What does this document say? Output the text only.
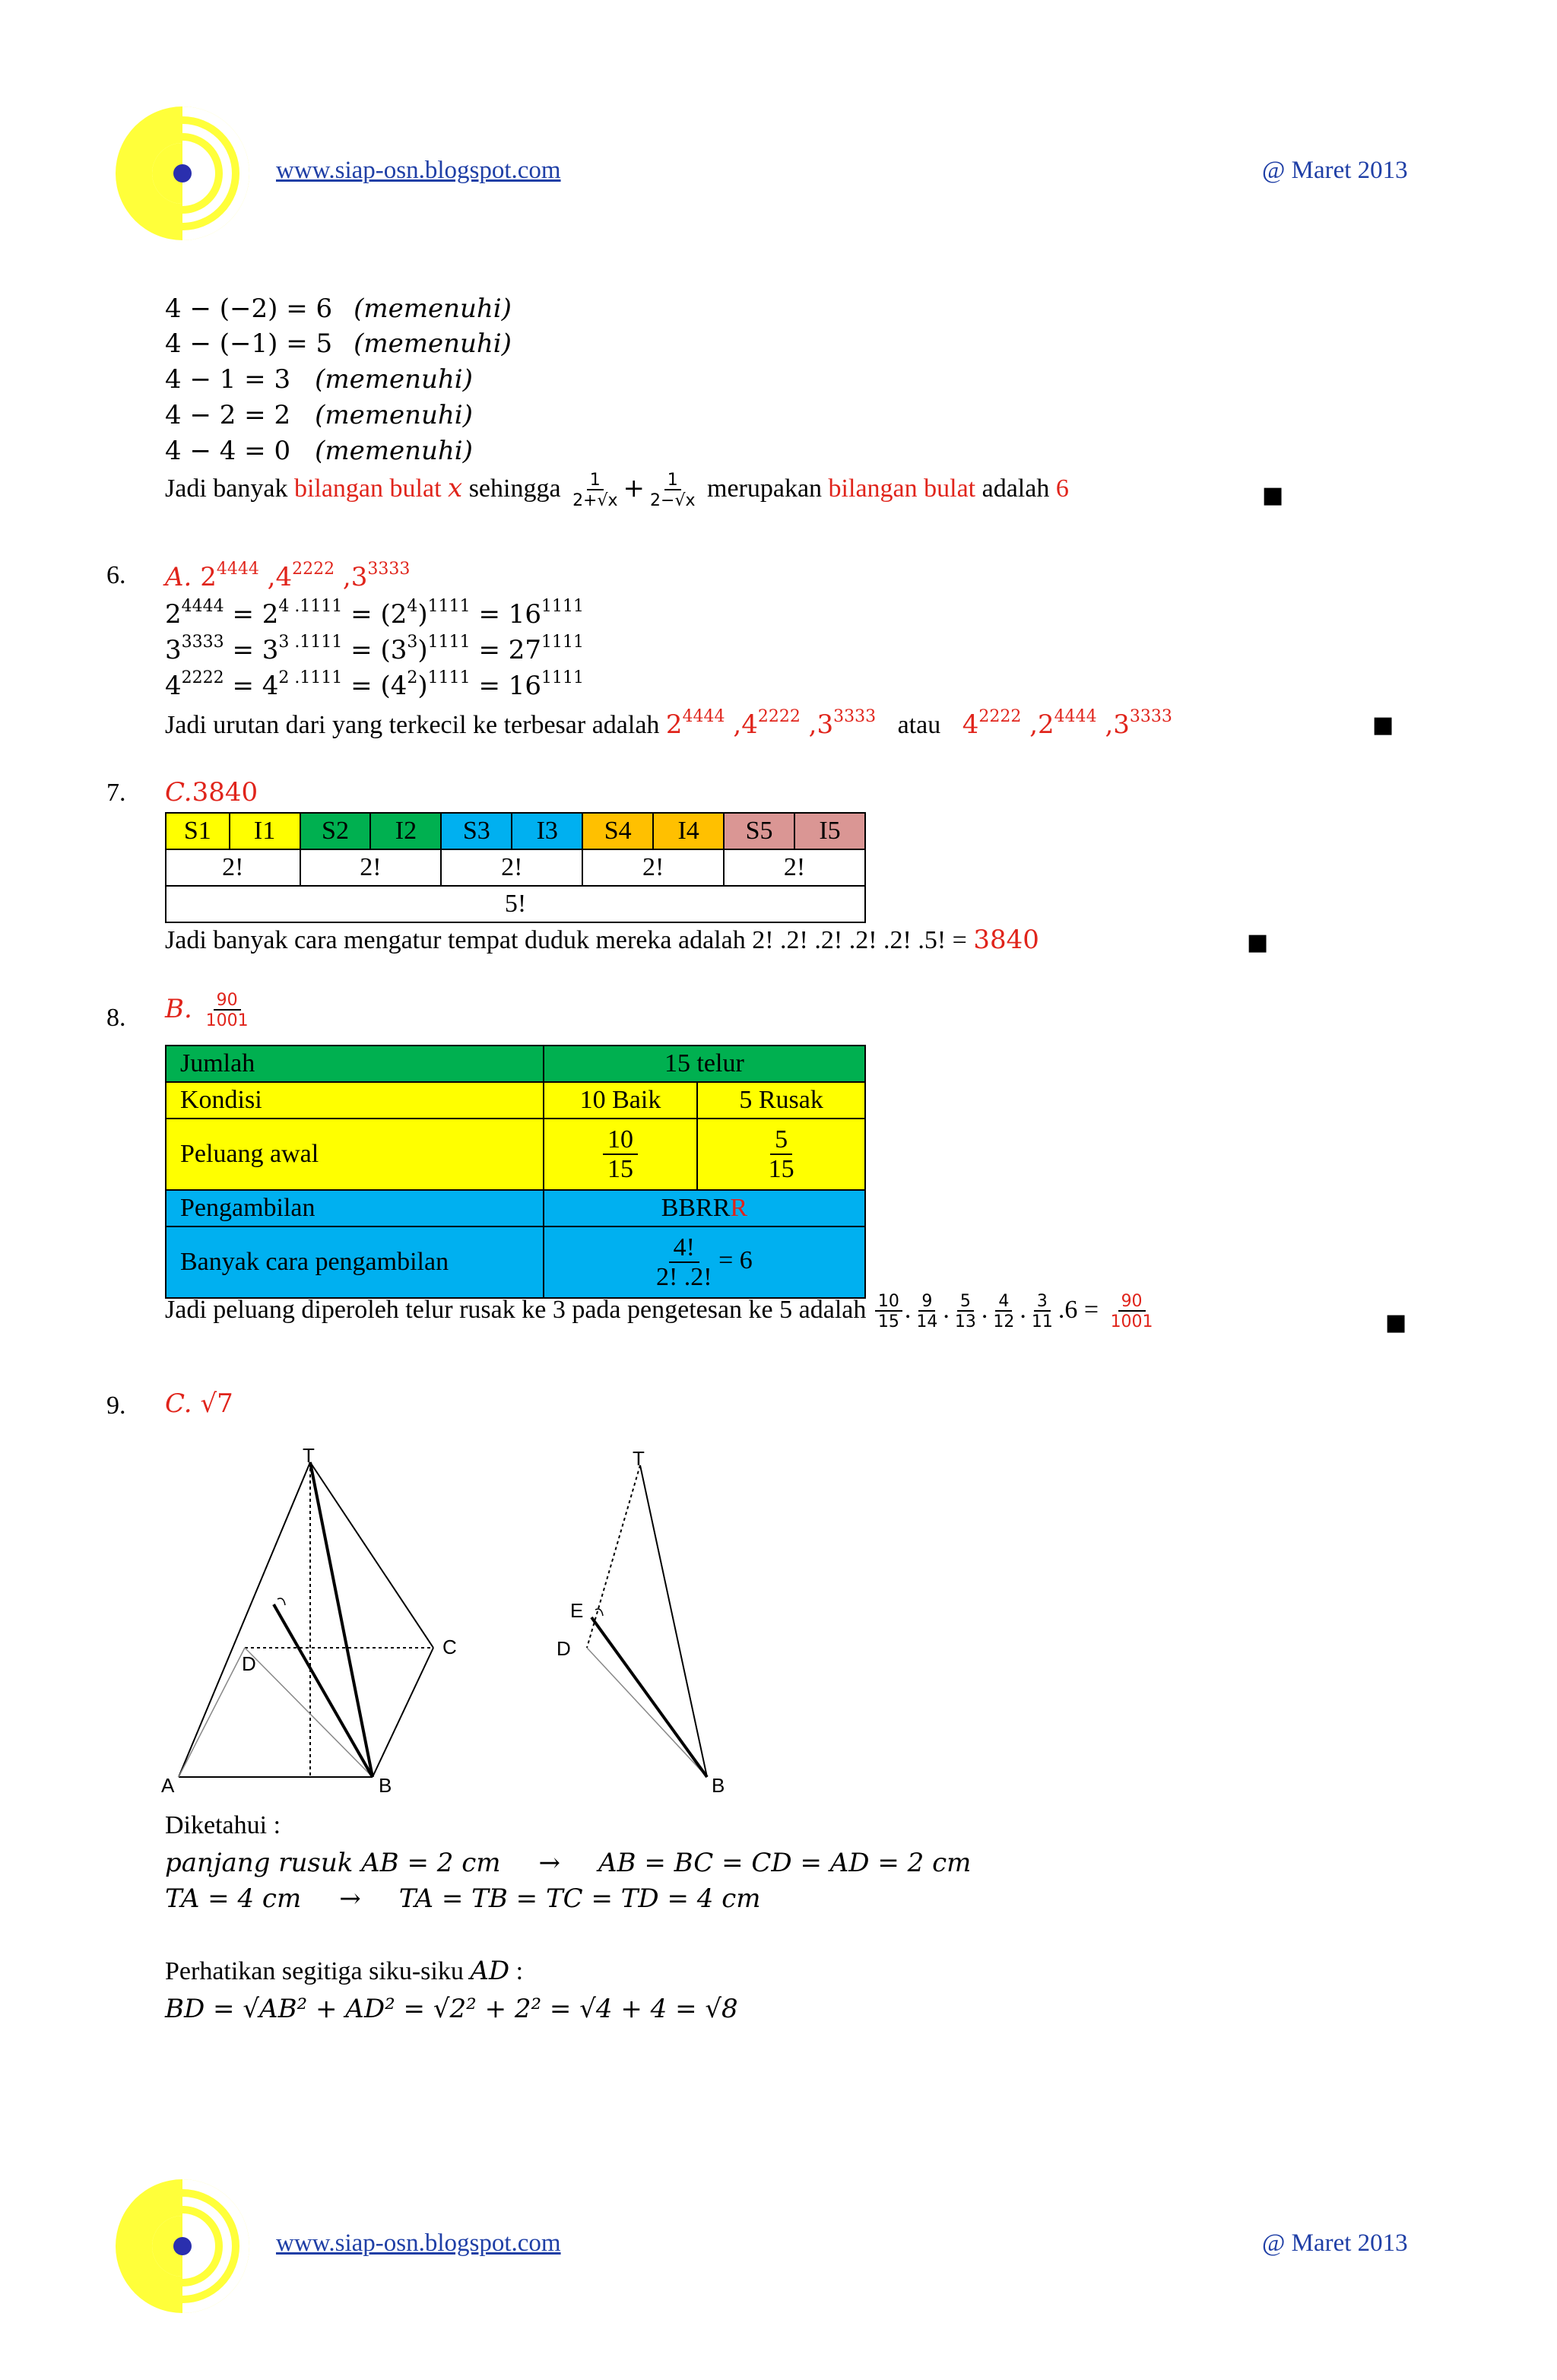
www.siap-osn.blogspot.com	@ Maret 2013
4 − (−2) = 6 (memenuhi)
4 − (−1) = 5 (memenuhi)
4 − 1 = 3 (memenuhi)
4 − 2 = 2 (memenuhi)
4 − 4 = 0 (memenuhi)
Jadi banyak bilangan bulat x sehingga $\frac{1}{2+√x} + \frac{1}{2-√x}$ merupakan bilangan bulat adalah 6	■
6. A. $2^{4444}$ $,4^{2222}$ $,3^{3333}$
$2^{4444} = 2^{4 .1111} = (2^4)^{1111} = 16^{1111}$
$3^{3333} = 3^{3 .1111} = (3^3)^{1111} = 27^{1111}$
$4^{2222} = 4^{2 .1111} = (4^2)^{1111} = 16^{1111}$
Jadi urutan dari yang terkecil ke terbesar adalah $2^{4444}$ $,4^{2222}$ $,3^{3333}$ atau $4^{2222}$ $,2^{4444}$ $,3^{3333}$	■
7. C.3840
S1	I1	S2	I2	S3	I3	S4	I4	S5	I5
2!		2!		2!		2!		2!	
5!									
Jadi banyak cara mengatur tempat duduk mereka adalah 2! .2! .2! .2! .2! .5! = 3840	■
8. B. $\frac{90}{1001}$
Jumlah	15 telur	
Kondisi	10 Baik	5 Rusak
Peluang awal	$\frac{10}{15}$	$\frac{5}{15}$

Pengambilan	BBRRR	
Banyak cara pengambilan	$\frac{4!}{2! .2!} = 6$	
Jadi peluang diperoleh telur rusak ke 3 pada pengetesan ke 5 adalah $\frac{10}{15}$ . $\frac{9}{14}$ . $\frac{5}{13}$ . $\frac{4}{12}$ . $\frac{3}{11} .6 = \frac{90}{1001}$	■
9. C. √7
T
A	B
C
D
T
E
D
B
Diketahui :
panjang rusuk AB = 2 cm → AB = BC = CD = AD = 2 cm
TA = 4 cm → TA = TB = TC = TD = 4 cm
Perhatikan segitiga siku-siku AD :
BD = √AB² + AD² = √2² + 2² = √4 + 4 = √8
www.siap-osn.blogspot.com	@ Maret 2013
